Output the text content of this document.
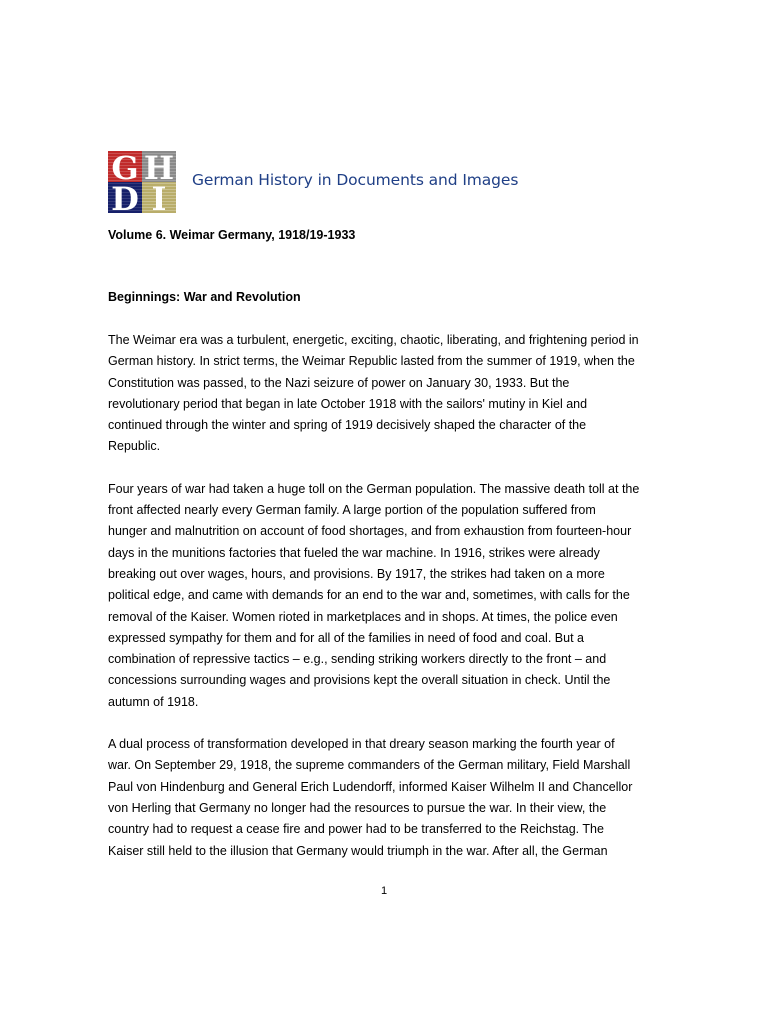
G H
D I German History in Documents and Images
Volume 6. Weimar Germany, 1918/19-1933
Beginnings: War and Revolution

The Weimar era was a turbulent, energetic, exciting, chaotic, liberating, and frightening period in
German history. In strict terms, the Weimar Republic lasted from the summer of 1919, when the
Constitution was passed, to the Nazi seizure of power on January 30, 1933. But the
revolutionary period that began in late October 1918 with the sailors' mutiny in Kiel and
continued through the winter and spring of 1919 decisively shaped the character of the
Republic.

Four years of war had taken a huge toll on the German population. The massive death toll at the
front affected nearly every German family. A large portion of the population suffered from
hunger and malnutrition on account of food shortages, and from exhaustion from fourteen-hour
days in the munitions factories that fueled the war machine. In 1916, strikes were already
breaking out over wages, hours, and provisions. By 1917, the strikes had taken on a more
political edge, and came with demands for an end to the war and, sometimes, with calls for the
removal of the Kaiser. Women rioted in marketplaces and in shops. At times, the police even
expressed sympathy for them and for all of the families in need of food and coal. But a
combination of repressive tactics – e.g., sending striking workers directly to the front – and
concessions surrounding wages and provisions kept the overall situation in check. Until the
autumn of 1918.

A dual process of transformation developed in that dreary season marking the fourth year of
war. On September 29, 1918, the supreme commanders of the German military, Field Marshall
Paul von Hindenburg and General Erich Ludendorff, informed Kaiser Wilhelm II and Chancellor
von Herling that Germany no longer had the resources to pursue the war. In their view, the
country had to request a cease fire and power had to be transferred to the Reichstag. The
Kaiser still held to the illusion that Germany would triumph in the war. After all, the German

1
